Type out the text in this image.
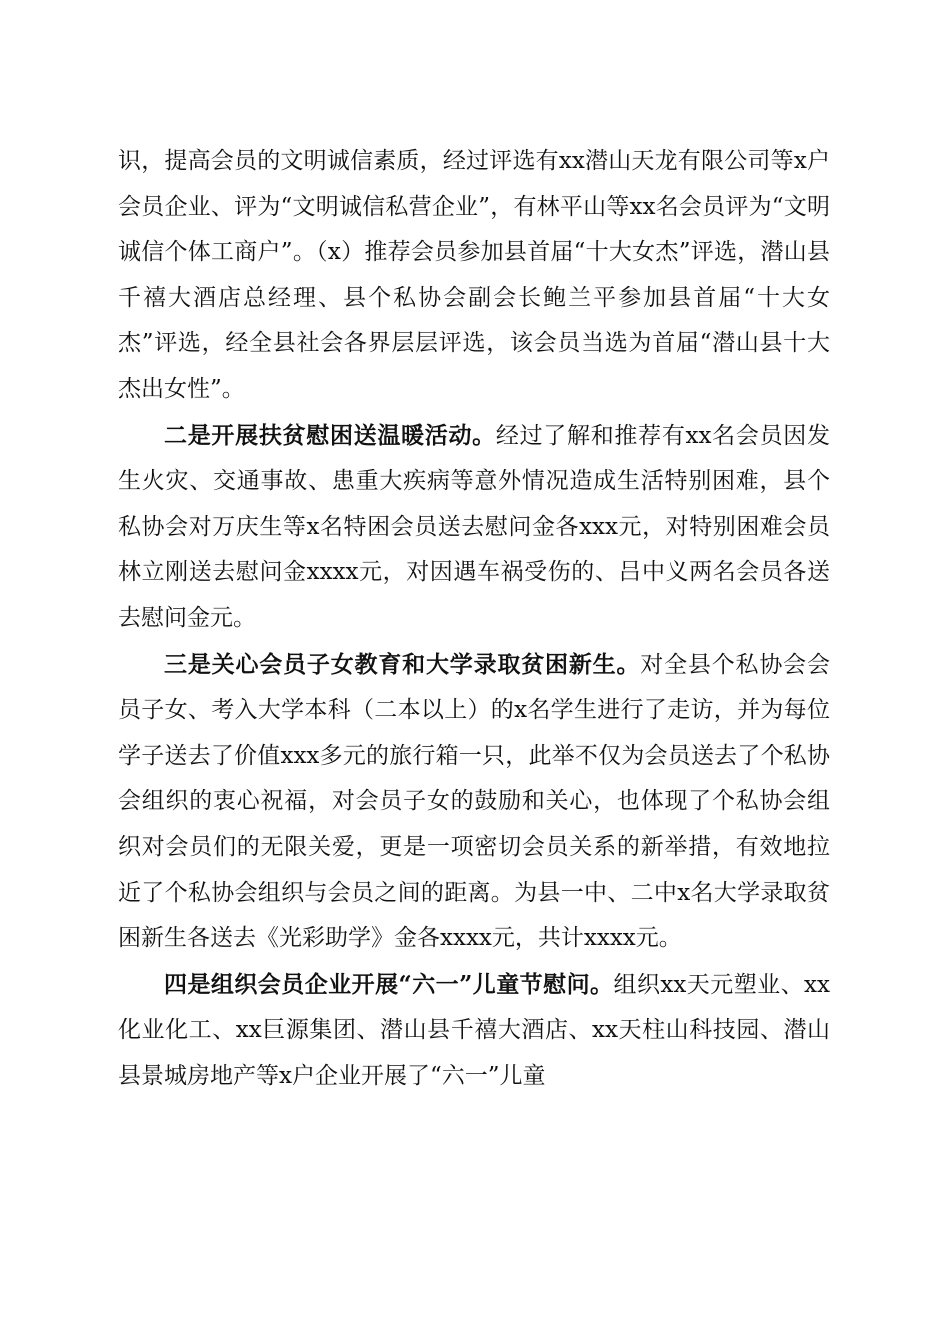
识，提高会员的文明诚信素质，经过评选有xx潜山天龙有限公司等x户会员企业、评为“文明诚信私营企业”，有林平山等xx名会员评为“文明诚信个体工商户”。（x）推荐会员参加县首届“十大女杰”评选，潜山县千禧大酒店总经理、县个私协会副会长鲍兰平参加县首届“十大女杰”评选，经全县社会各界层层评选，该会员当选为首届“潜山县十大杰出女性”。

二是开展扶贫慰困送温暖活动。经过了解和推荐有xx名会员因发生火灾、交通事故、患重大疾病等意外情况造成生活特别困难，县个私协会对万庆生等x名特困会员送去慰问金各xxx元，对特别困难会员林立刚送去慰问金xxxx元，对因遇车祸受伤的、吕中义两名会员各送去慰问金元。

三是关心会员子女教育和大学录取贫困新生。对全县个私协会会员子女、考入大学本科（二本以上）的x名学生进行了走访，并为每位学子送去了价值xxx多元的旅行箱一只，此举不仅为会员送去了个私协会组织的衷心祝福，对会员子女的鼓励和关心，也体现了个私协会组织对会员们的无限关爱，更是一项密切会员关系的新举措，有效地拉近了个私协会组织与会员之间的距离。为县一中、二中x名大学录取贫困新生各送去《光彩助学》金各xxxx元，共计xxxx元。

四是组织会员企业开展“六一”儿童节慰问。组织xx天元塑业、xx化业化工、xx巨源集团、潜山县千禧大酒店、xx天柱山科技园、潜山县景城房地产等x户企业开展了“六一”儿童
